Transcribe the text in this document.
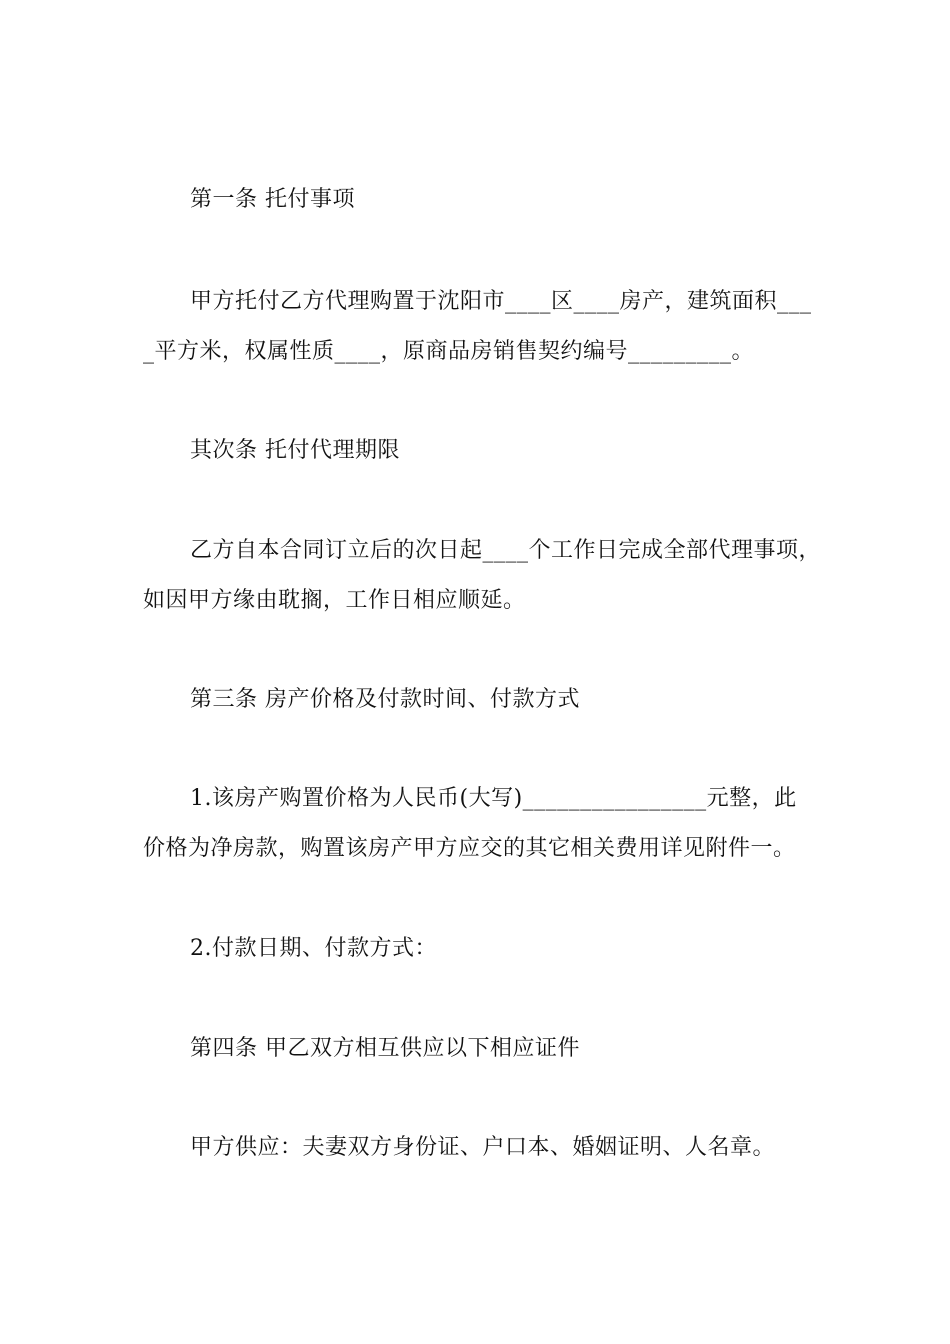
第一条 托付事项
甲方托付乙方代理购置于沈阳市____区____房产，建筑面积___
_平方米，权属性质____，原商品房销售契约编号_________。
其次条 托付代理期限
乙方自本合同订立后的次日起____个工作日完成全部代理事项，
如因甲方缘由耽搁，工作日相应顺延。
第三条 房产价格及付款时间、付款方式
1.该房产购置价格为人民币(大写)________________元整，此
价格为净房款，购置该房产甲方应交的其它相关费用详见附件一。
2.付款日期、付款方式：
第四条 甲乙双方相互供应以下相应证件
甲方供应：夫妻双方身份证、户口本、婚姻证明、人名章。
